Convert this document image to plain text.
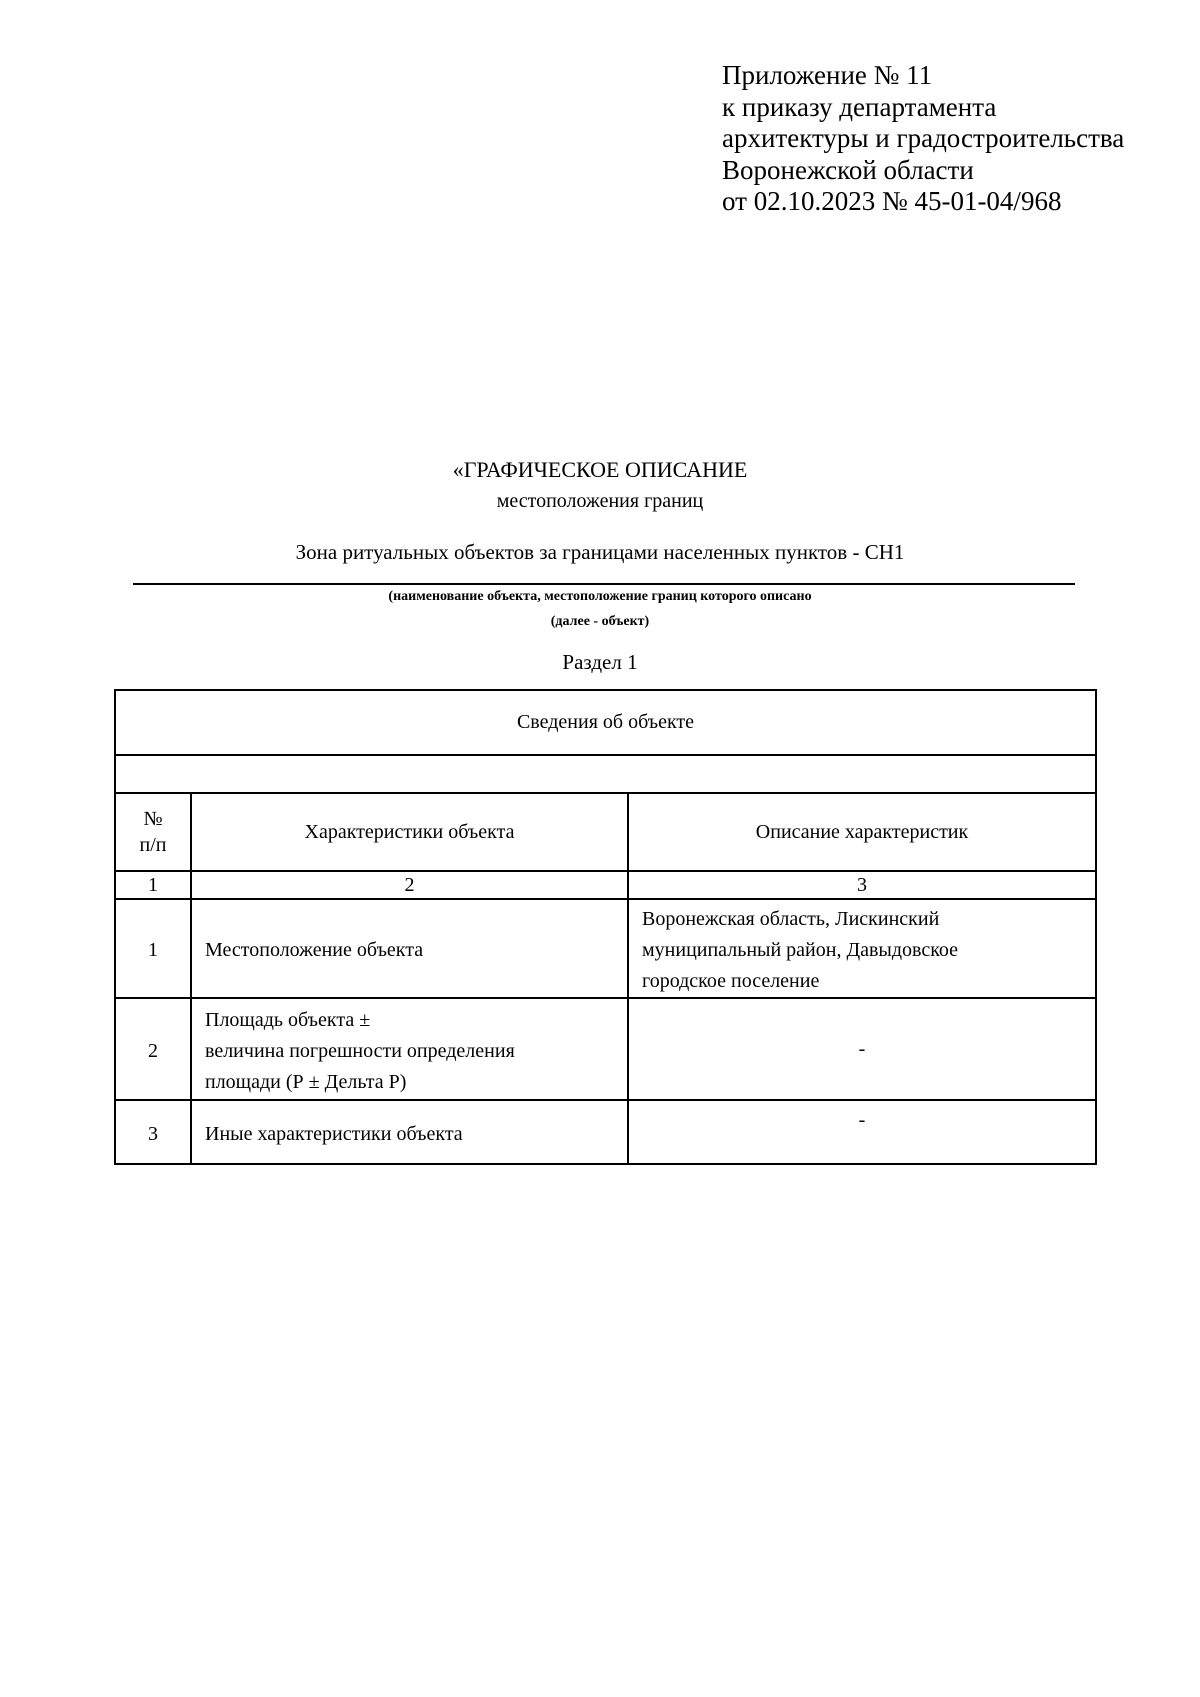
Приложение № 11
к приказу департамента
архитектуры и градостроительства
Воронежской области
от 02.10.2023 № 45-01-04/968
«ГРАФИЧЕСКОЕ ОПИСАНИЕ
местоположения границ
Зона ритуальных объектов за границами населенных пунктов - СН1
(наименование объекта, местоположение границ которого описано
(далее - объект)
Раздел 1
Сведения об объекте		

№
п/п	Характеристики объекта	Описание характеристик
1	2	3
1	Местоположение объекта	Воронежская область, Лискинский
муниципальный район, Давыдовское
городское поселение

2	Площадь объекта ±
величина погрешности определения
площади (Р ± Дельта Р)	-
3	Иные характеристики объекта	-
